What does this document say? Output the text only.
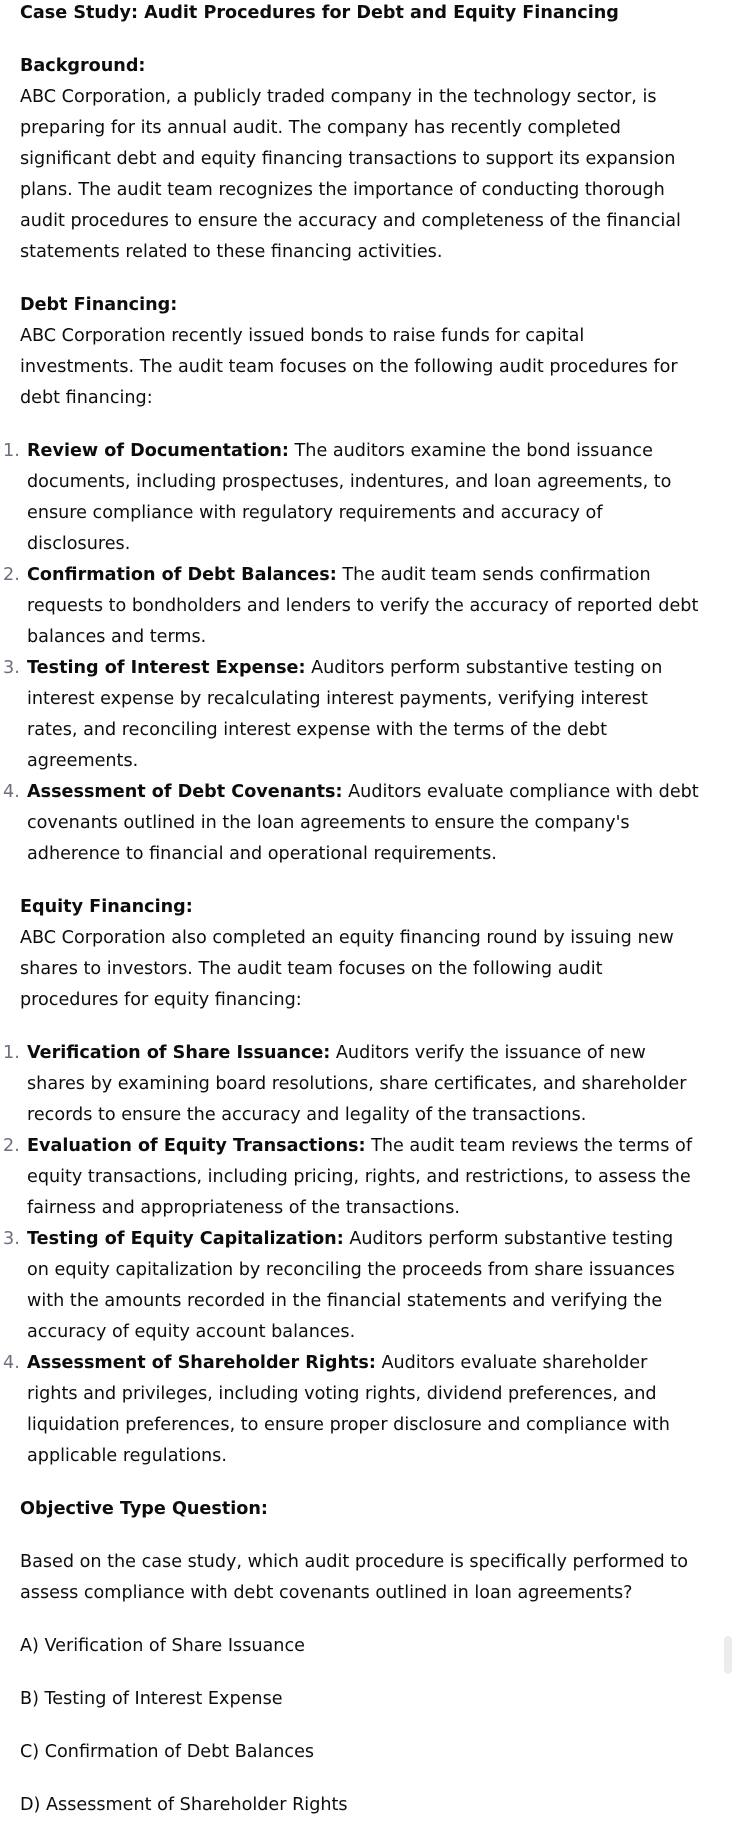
Case Study: Audit Procedures for Debt and Equity Financing

Background:

ABC Corporation, a publicly traded company in the technology sector, is preparing for its annual audit. The company has recently completed significant debt and equity financing transactions to support its expansion plans. The audit team recognizes the importance of conducting thorough audit procedures to ensure the accuracy and completeness of the financial statements related to these financing activities.

Debt Financing:

ABC Corporation recently issued bonds to raise funds for capital investments. The audit team focuses on the following audit procedures for debt financing:

1. Review of Documentation: The auditors examine the bond issuance documents, including prospectuses, indentures, and loan agreements, to ensure compliance with regulatory requirements and accuracy of disclosures.
2. Confirmation of Debt Balances: The audit team sends confirmation requests to bondholders and lenders to verify the accuracy of reported debt balances and terms.
3. Testing of Interest Expense: Auditors perform substantive testing on interest expense by recalculating interest payments, verifying interest rates, and reconciling interest expense with the terms of the debt agreements.
4. Assessment of Debt Covenants: Auditors evaluate compliance with debt covenants outlined in the loan agreements to ensure the company's adherence to financial and operational requirements.

Equity Financing:

ABC Corporation also completed an equity financing round by issuing new shares to investors. The audit team focuses on the following audit procedures for equity financing:

1. Verification of Share Issuance: Auditors verify the issuance of new shares by examining board resolutions, share certificates, and shareholder records to ensure the accuracy and legality of the transactions.
2. Evaluation of Equity Transactions: The audit team reviews the terms of equity transactions, including pricing, rights, and restrictions, to assess the fairness and appropriateness of the transactions.
3. Testing of Equity Capitalization: Auditors perform substantive testing on equity capitalization by reconciling the proceeds from share issuances with the amounts recorded in the financial statements and verifying the accuracy of equity account balances.
4. Assessment of Shareholder Rights: Auditors evaluate shareholder rights and privileges, including voting rights, dividend preferences, and liquidation preferences, to ensure proper disclosure and compliance with applicable regulations.

Objective Type Question:

Based on the case study, which audit procedure is specifically performed to assess compliance with debt covenants outlined in loan agreements?

A) Verification of Share Issuance

B) Testing of Interest Expense

C) Confirmation of Debt Balances

D) Assessment of Shareholder Rights
